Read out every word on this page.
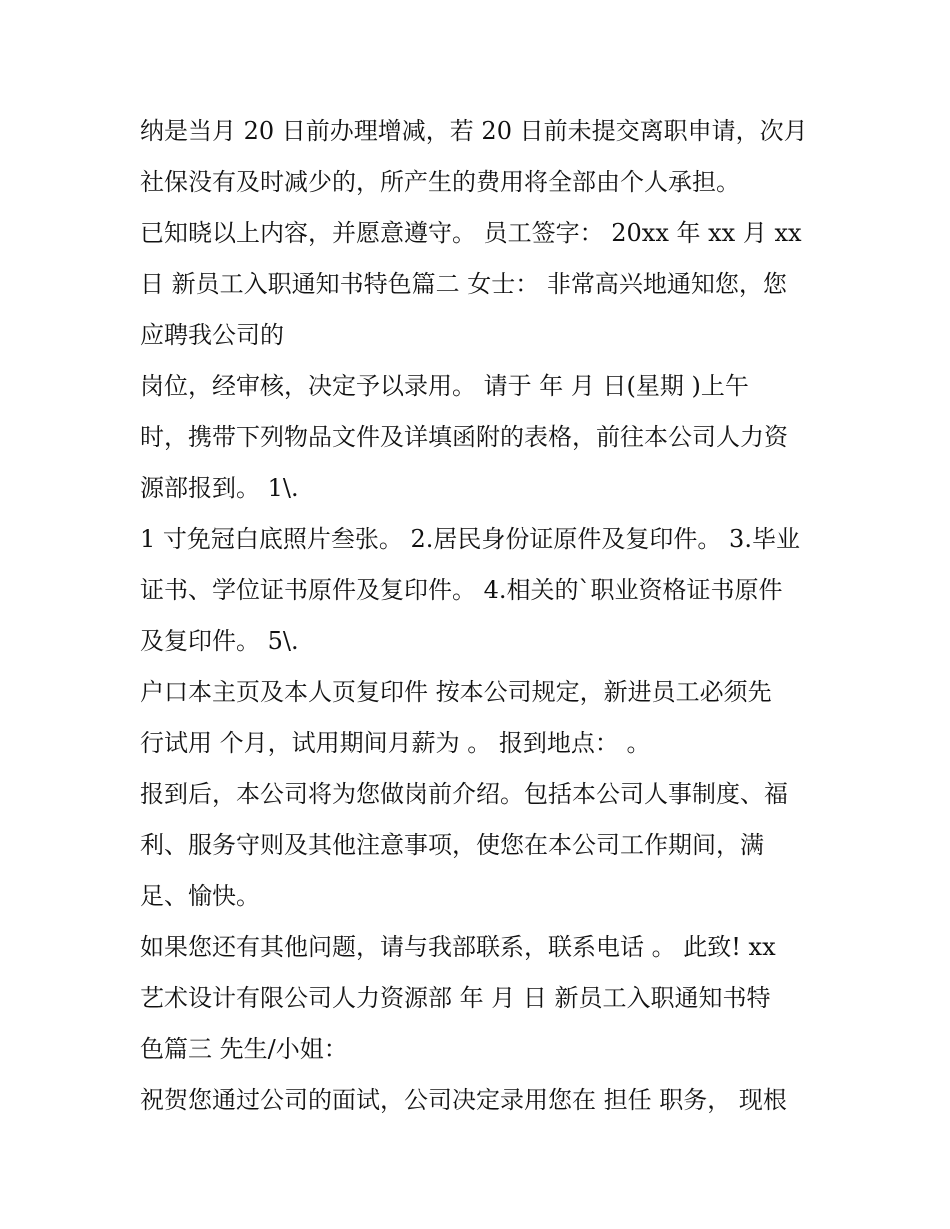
纳是当月 20 日前办理增减，若 20 日前未提交离职申请，次月
社保没有及时减少的，所产生的费用将全部由个人承担。
已知晓以上内容，并愿意遵守。 员工签字： 20xx 年 xx 月 xx
日 新员工入职通知书特色篇二 女士： 非常高兴地通知您，您
应聘我公司的
岗位，经审核，决定予以录用。 请于 年 月 日(星期 )上午
时，携带下列物品文件及详填函附的表格，前往本公司人力资
源部报到。 1\.
1 寸免冠白底照片叁张。 2.居民身份证原件及复印件。 3.毕业
证书、学位证书原件及复印件。 4.相关的`职业资格证书原件
及复印件。 5\.
户口本主页及本人页复印件 按本公司规定，新进员工必须先
行试用 个月，试用期间月薪为 。 报到地点： 。
报到后，本公司将为您做岗前介绍。包括本公司人事制度、福
利、服务守则及其他注意事项，使您在本公司工作期间，满
足、愉快。
如果您还有其他问题，请与我部联系，联系电话 。 此致! xx
艺术设计有限公司人力资源部 年 月 日 新员工入职通知书特
色篇三 先生/小姐：
祝贺您通过公司的面试，公司决定录用您在 担任 职务， 现根
